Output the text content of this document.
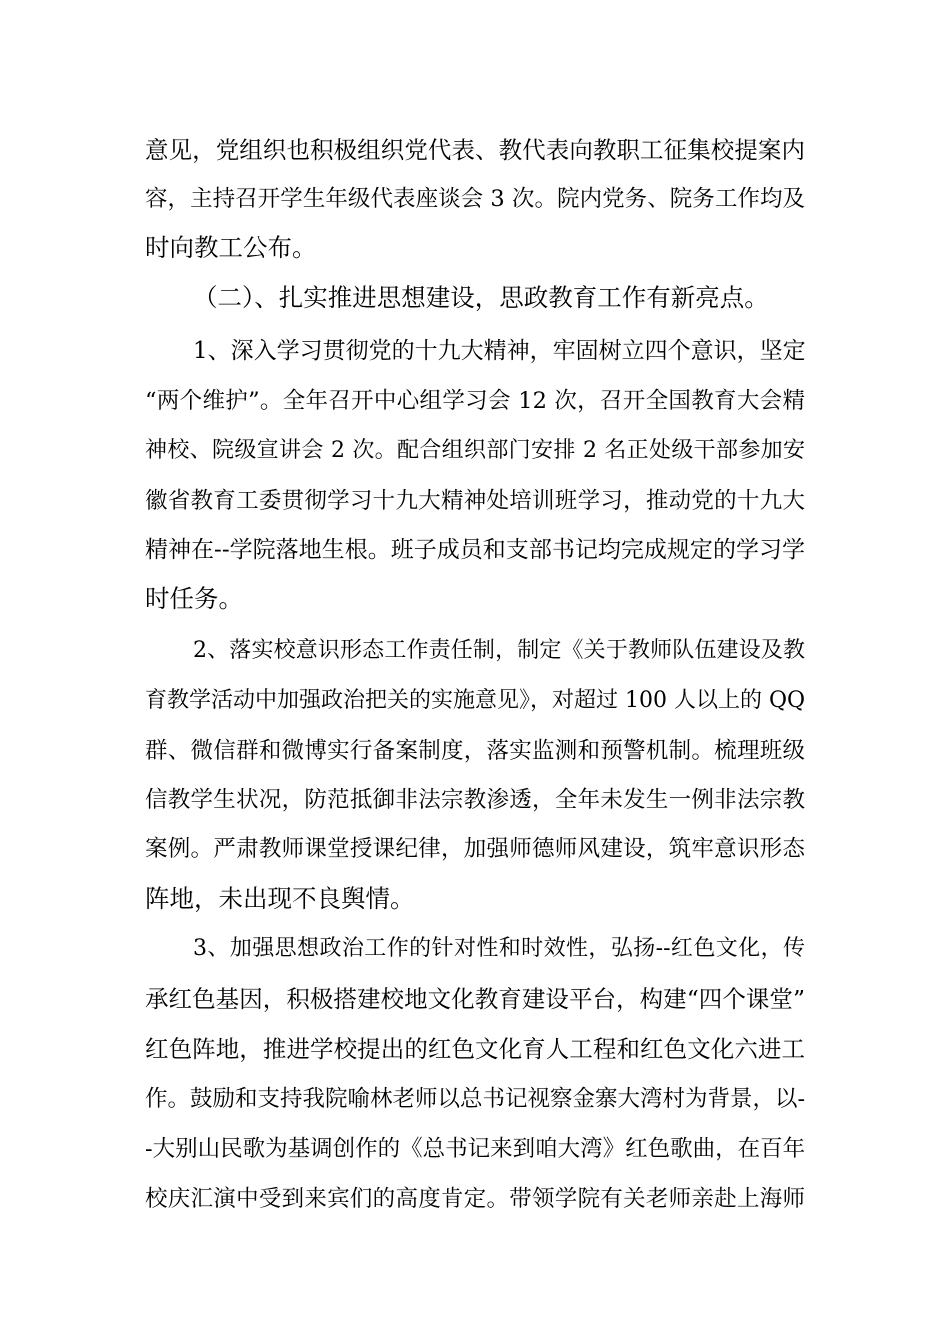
意见，党组织也积极组织党代表、教代表向教职工征集校提案内
容，主持召开学生年级代表座谈会 3 次。院内党务、院务工作均及
时向教工公布。
（二）、扎实推进思想建设，思政教育工作有新亮点。
1、深入学习贯彻党的十九大精神，牢固树立四个意识，坚定
“两个维护”。全年召开中心组学习会 12 次，召开全国教育大会精
神校、院级宣讲会 2 次。配合组织部门安排 2 名正处级干部参加安
徽省教育工委贯彻学习十九大精神处培训班学习，推动党的十九大
精神在--学院落地生根。班子成员和支部书记均完成规定的学习学
时任务。
2、落实校意识形态工作责任制，制定《关于教师队伍建设及教
育教学活动中加强政治把关的实施意见》，对超过 100 人以上的 QQ
群、微信群和微博实行备案制度，落实监测和预警机制。梳理班级
信教学生状况，防范抵御非法宗教渗透，全年未发生一例非法宗教
案例。严肃教师课堂授课纪律，加强师德师风建设，筑牢意识形态
阵地，未出现不良舆情。
3、加强思想政治工作的针对性和时效性，弘扬--红色文化，传
承红色基因，积极搭建校地文化教育建设平台，构建“四个课堂”
红色阵地，推进学校提出的红色文化育人工程和红色文化六进工
作。鼓励和支持我院喻林老师以总书记视察金寨大湾村为背景，以-
-大别山民歌为基调创作的《总书记来到咱大湾》红色歌曲，在百年
校庆汇演中受到来宾们的高度肯定。带领学院有关老师亲赴上海师
